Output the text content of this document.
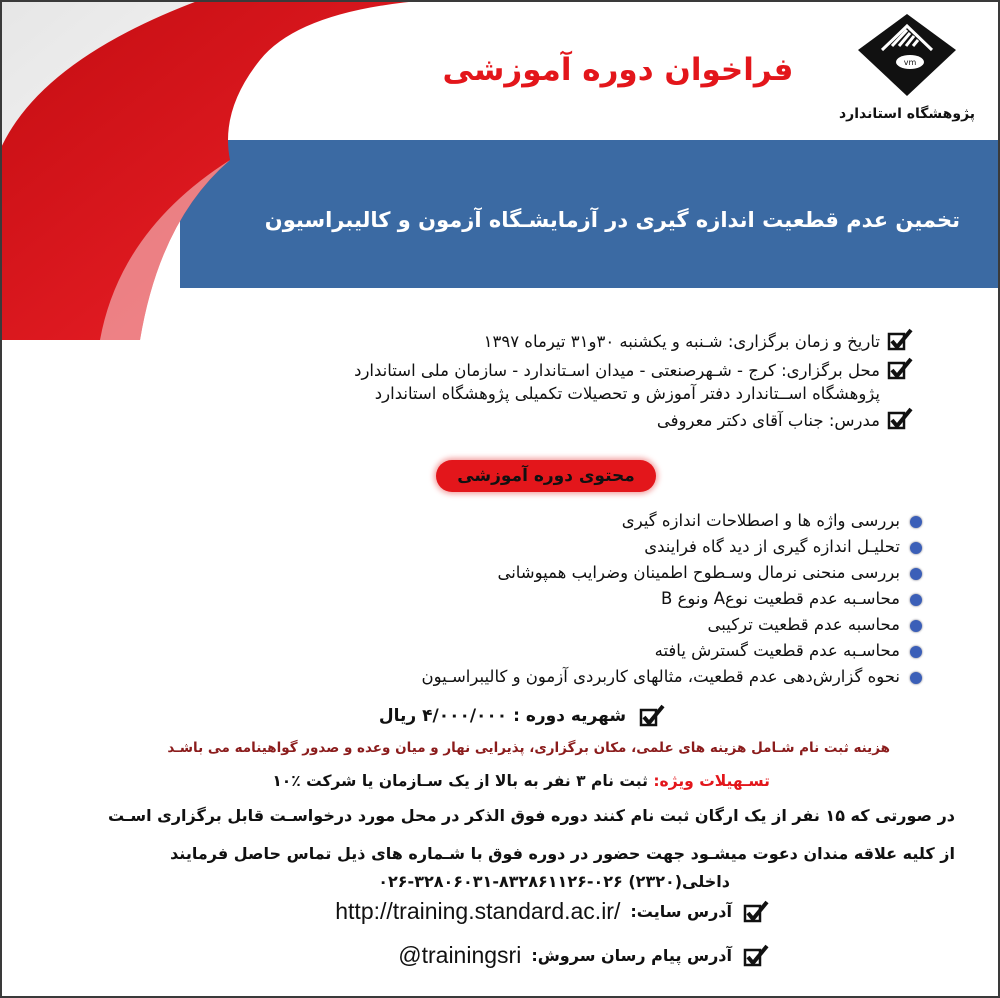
vm
پژوهشگاه استاندارد
فراخوان دوره آموزشی
تخمین عدم قطعیت اندازه گیری در آزمایشـگاه آزمون و کالیبراسیون
تاریخ و زمان برگزاری: شـنبه و یکشنبه ۳۰و۳۱ تیرماه ۱۳۹۷
محل برگزاری: کرج - شـهرصنعتی - میدان اسـتاندارد - سازمان ملی استاندارد
پژوهشگاه اســتاندارد دفتر آموزش و تحصیلات تکمیلی پژوهشگاه استاندارد
مدرس: جناب آقای دکتر معروفی
محتوی دوره آموزشی
بررسی واژه ها و اصطلاحات اندازه گیری
تحلیـل اندازه گیری از دید گاه فرایندی
بررسی منحنی نرمال وسـطوح اطمینان وضرایب همپوشانی
محاسـبه عدم قطعیت نوعA ونوع B
محاسبه عدم قطعیت ترکیبی
محاسـبه عدم قطعیت گسترش یافته
نحوه گزارش‌دهی عدم قطعیت، مثالهای کاربردی آزمون و کالیبراسـیون
شهریه دوره : ۴/۰۰۰/۰۰۰ ریال
هزینه ثبت نام شـامل هزینه های علمی، مکان برگزاری، پذیرایی نهار و میان وعده و صدور گواهینامه می باشـد
تسـهیلات ویژه: ثبت نام ۳ نفر به بالا از یک سـازمان یا شرکت ٪۱۰
در صورتی که ۱۵ نفر از یک ارگان ثبت نام کنند دوره فوق الذکر در محل مورد درخواسـت قابل برگزاری اسـت
از کلیه علاقه مندان دعوت میشـود جهت حضور در دوره فوق با شـماره های ذیل تماس حاصل فرمایند
۰۲۶-۳۲۸۰۶۰۳۱-۸داخلی(۲۳۲۰) ۰۲۶-۳۲۸۶۱۱۲۶
آدرس سایت:
http://training.standard.ac.ir/
آدرس پیام رسان سروش:
@trainingsri
